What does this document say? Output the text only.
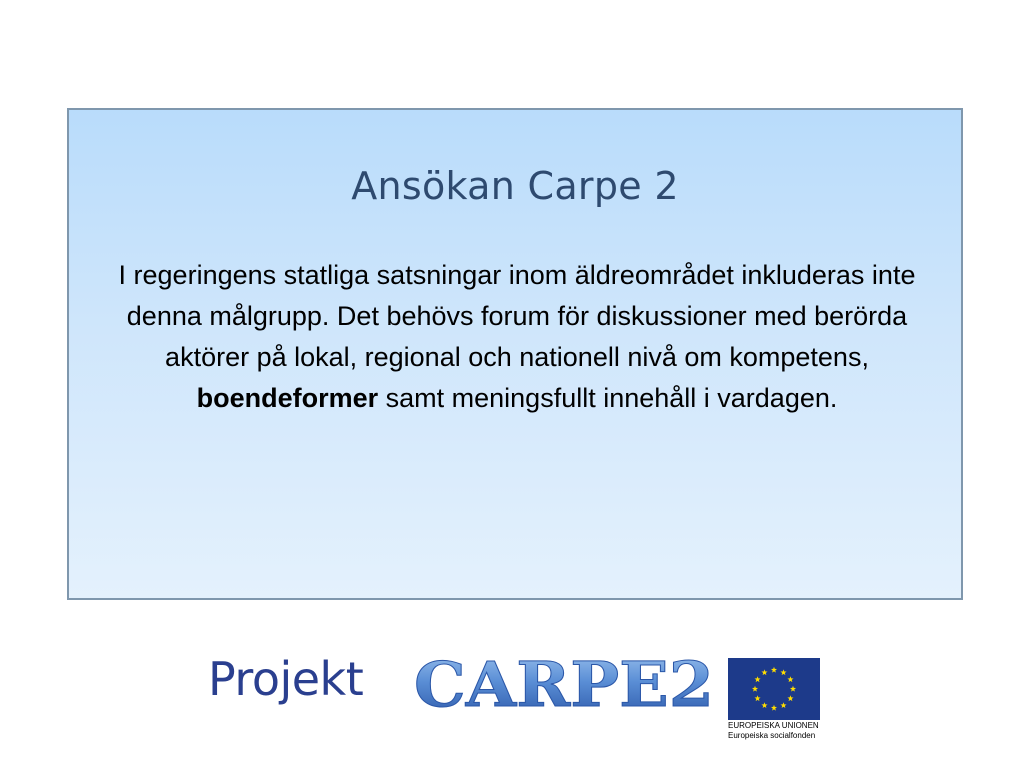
Ansökan Carpe 2
I regeringens statliga satsningar inom äldreområdet inkluderas inte denna målgrupp. Det behövs forum för diskussioner med berörda aktörer på lokal, regional och nationell nivå om kompetens, boendeformer samt meningsfullt innehåll i vardagen.
Projekt CARPE2
EUROPEISKA UNIONEN
Europeiska socialfonden
